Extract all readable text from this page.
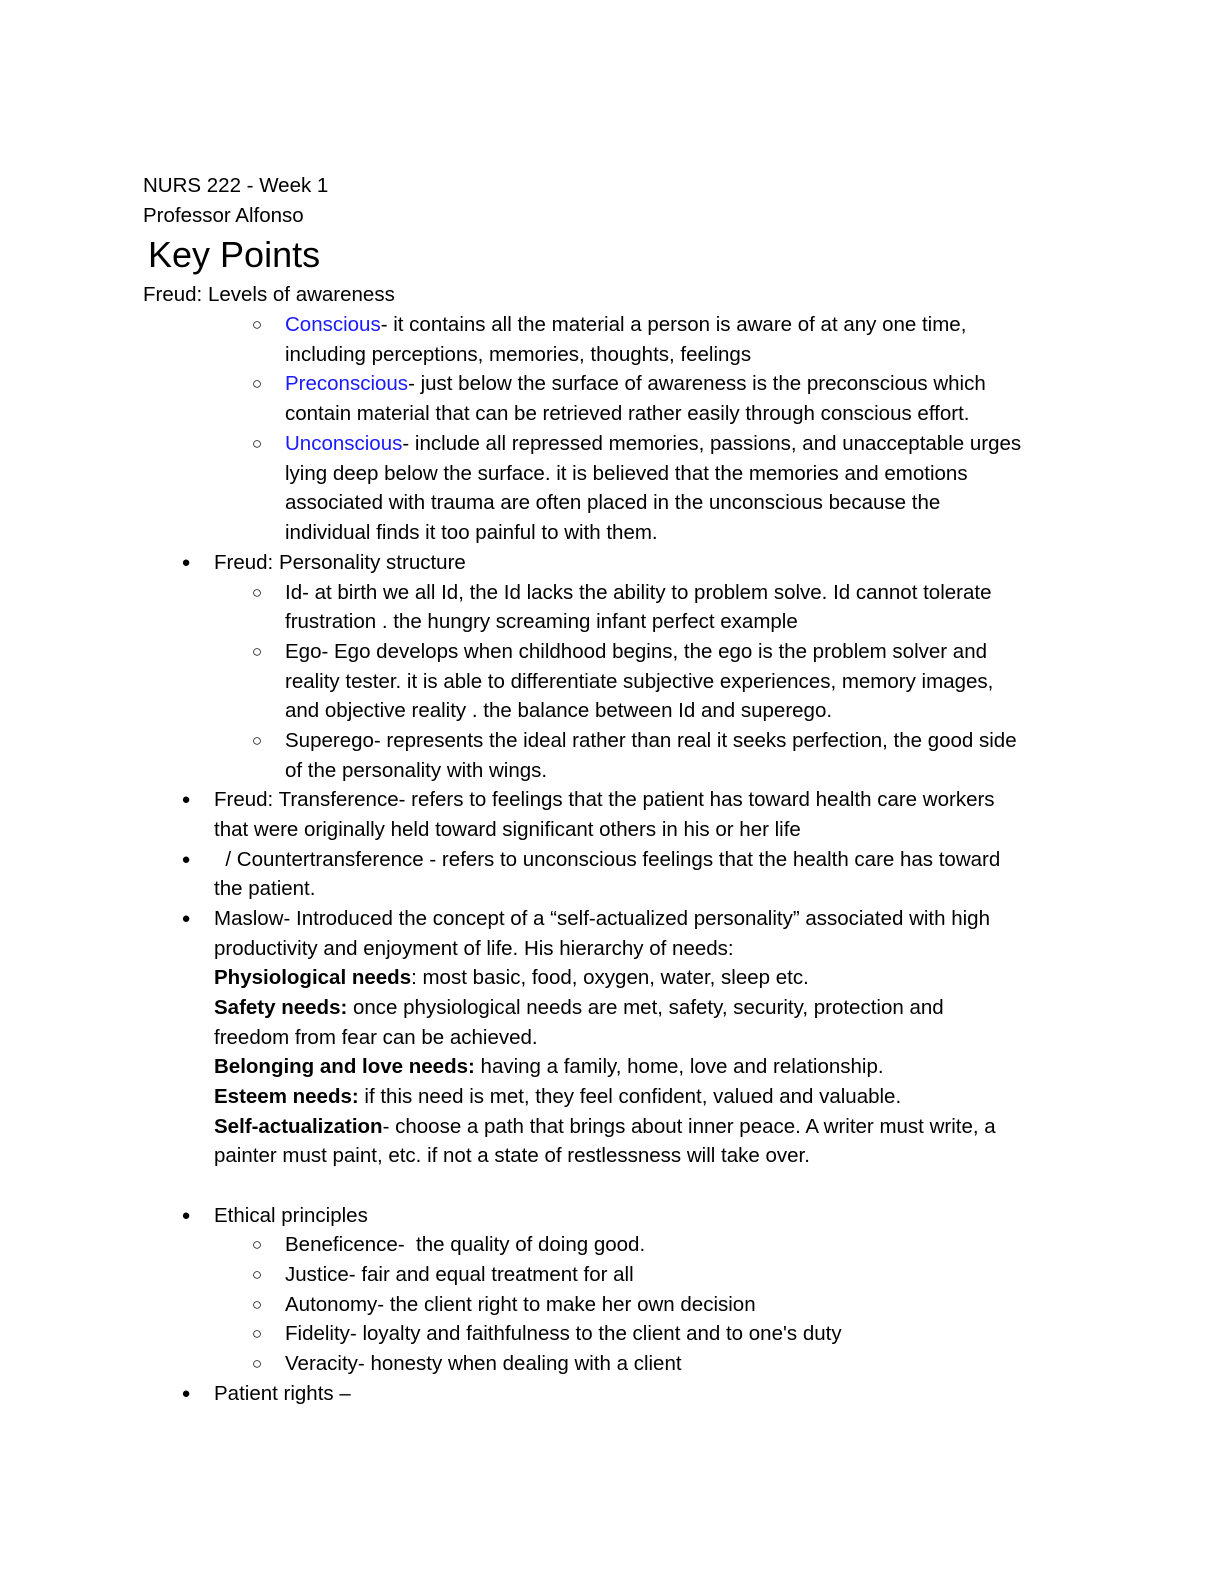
NURS 222 - Week 1
Professor Alfonso
Key Points
Freud: Levels of awareness
○ Conscious- it contains all the material a person is aware of at any one time,
including perceptions, memories, thoughts, feelings
○ Preconscious- just below the surface of awareness is the preconscious which
contain material that can be retrieved rather easily through conscious effort.
○ Unconscious- include all repressed memories, passions, and unacceptable urges
lying deep below the surface. it is believed that the memories and emotions
associated with trauma are often placed in the unconscious because the
individual finds it too painful to with them.
● Freud: Personality structure
○ Id- at birth we all Id, the Id lacks the ability to problem solve. Id cannot tolerate
frustration . the hungry screaming infant perfect example
○ Ego- Ego develops when childhood begins, the ego is the problem solver and
reality tester. it is able to differentiate subjective experiences, memory images,
and objective reality . the balance between Id and superego.
○ Superego- represents the ideal rather than real it seeks perfection, the good side
of the personality with wings.
● Freud: Transference- refers to feelings that the patient has toward health care workers
that were originally held toward significant others in his or her life
● / Countertransference - refers to unconscious feelings that the health care has toward
the patient.
● Maslow- Introduced the concept of a “self-actualized personality” associated with high
productivity and enjoyment of life. His hierarchy of needs:
Physiological needs: most basic, food, oxygen, water, sleep etc.
Safety needs: once physiological needs are met, safety, security, protection and
freedom from fear can be achieved.
Belonging and love needs: having a family, home, love and relationship.
Esteem needs: if this need is met, they feel confident, valued and valuable.
Self-actualization- choose a path that brings about inner peace. A writer must write, a
painter must paint, etc. if not a state of restlessness will take over.
● Ethical principles
○ Beneficence-  the quality of doing good.
○ Justice- fair and equal treatment for all
○ Autonomy- the client right to make her own decision
○ Fidelity- loyalty and faithfulness to the client and to one's duty
○ Veracity- honesty when dealing with a client
● Patient rights –
